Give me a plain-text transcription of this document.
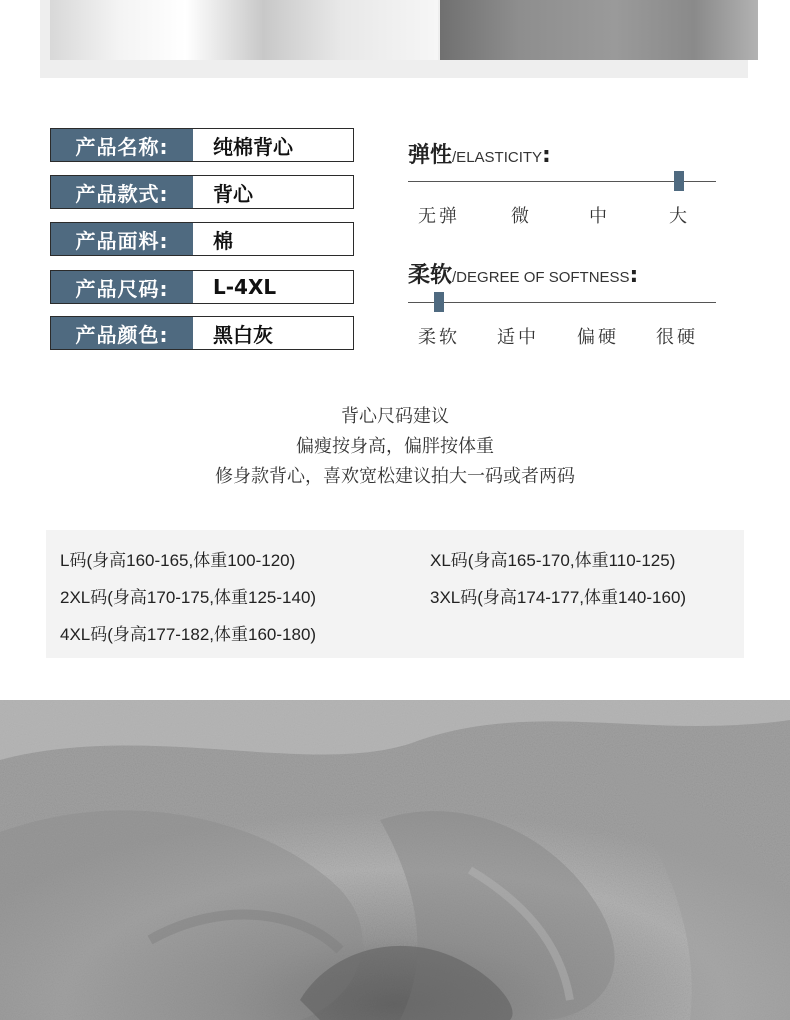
产品名称:	纯棉背心
产品款式:	背心
产品面料:	棉
产品尺码:	L-4XL
产品颜色:	黑白灰
弹性 /ELASTICITY :
无弹	微	中	大
柔软 /DEGREE OF SOFTNESS :
柔软 适中 偏硬 很硬
背心尺码建议
偏瘦按身高，偏胖按体重
修身款背心，喜欢宽松建议拍大一码或者两码
L码(身高160-165,体重100-120)	XL码(身高165-170,体重110-125)
2XL码(身高170-175,体重125-140)	3XL码(身高174-177,体重140-160)
4XL码(身高177-182,体重160-180)
